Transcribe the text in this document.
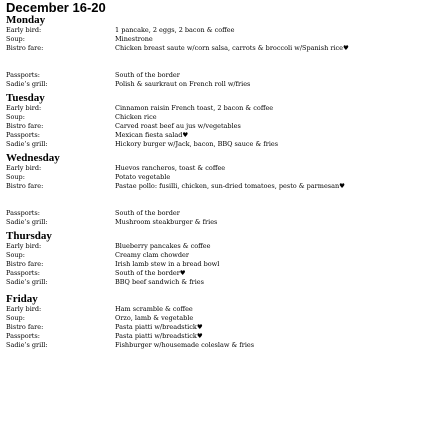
December 16-20
Monday
Early bird:	1 pancake, 2 eggs, 2 bacon & coffee
Soup:	Minestrone
Bistro fare:	Chicken breast saute w/corn salsa, carrots & broccoli w/Spanish rice♥
Passports:	South of the border
Sadie’s grill:	Polish & saurkraut on French roll w/fries
Tuesday
Early bird:	Cinnamon raisin French toast, 2 bacon & coffee
Soup:	Chicken rice
Bistro fare:	Carved roast beef au jus w/vegetables
Passports:	Mexican fiesta salad♥
Sadie’s grill:	Hickory burger w/Jack, bacon, BBQ sauce & fries
Wednesday
Early bird:	Huevos rancheros, toast & coffee
Soup:	Potato vegetable
Bistro fare:	Pastae pollo: fusilli, chicken, sun-dried tomatoes, pesto & parmesan♥
Passports:	South of the border
Sadie’s grill:	Mushroom steakburger & fries
Thursday
Early bird:	Blueberry pancakes & coffee
Soup:	Creamy clam chowder
Bistro fare:	Irish lamb stew in a bread bowl
Passports:	South of the border♥
Sadie’s grill:	BBQ beef sandwich & fries
Friday
Early bird:	Ham scramble & coffee
Soup:	Orzo, lamb & vegetable
Bistro fare:	Pasta piatti w/breadstick♥
Passports:	Pasta piatti w/breadstick♥
Sadie’s grill:	Fishburger w/housemade coleslaw & fries
